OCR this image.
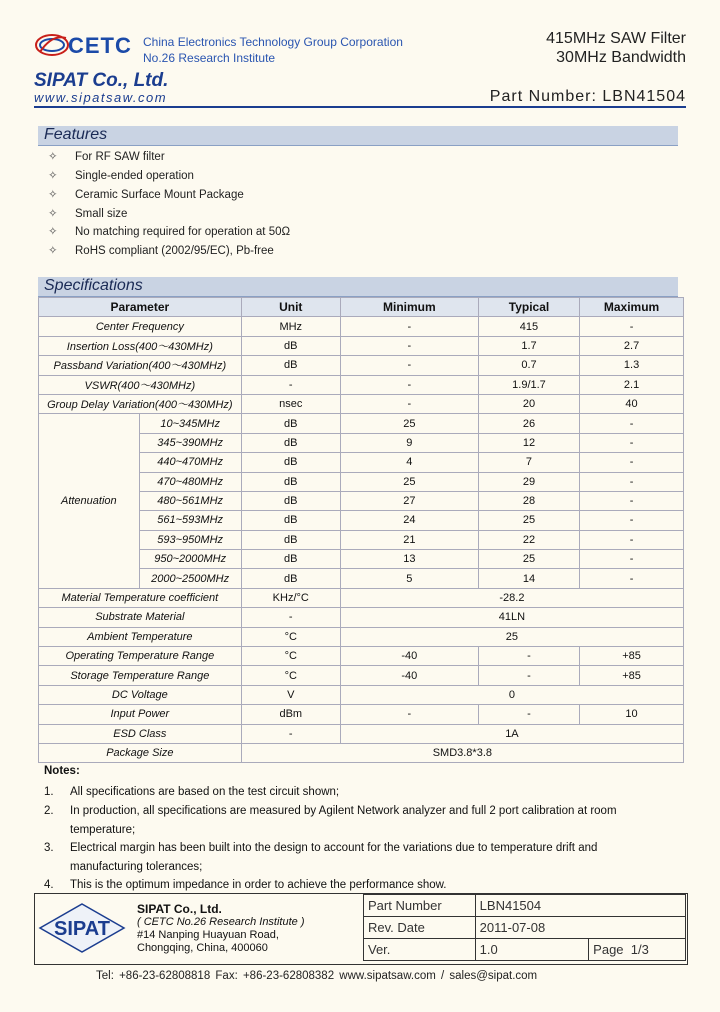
CETC China Electronics Technology Group Corporation
No.26 Research Institute
415MHz SAW Filter
30MHz Bandwidth
SIPAT Co., Ltd.
www.sipatsaw.com	Part Number: LBN41504
Features
✧ For RF SAW filter
✧ Single-ended operation
✧ Ceramic Surface Mount Package
✧ Small size
✧ No matching required for operation at 50Ω
✧ RoHS compliant (2002/95/EC), Pb-free
Specifications
Parameter		Unit	Minimum	Typical	Maximum
Center Frequency		MHz	-	415	-
Insertion Loss(400～430MHz)		dB	-	1.7	2.7
Passband Variation(400～430MHz)		dB	-	0.7	1.3
VSWR(400～430MHz)		-	-	1.9/1.7	2.1
Group Delay Variation(400～430MHz)		nsec	-	20	40
Attenuation	10~345MHz	dB	25	26	-
	345~390MHz	dB	9	12	-
	440~470MHz	dB	4	7	-
	470~480MHz	dB	25	29	-
	480~561MHz	dB	27	28	-
	561~593MHz	dB	24	25	-
	593~950MHz	dB	21	22	-
	950~2000MHz	dB	13	25	-
	2000~2500MHz	dB	5	14	-
Material Temperature coefficient		KHz/°C	-28.2		
Substrate Material		-	41LN		
Ambient Temperature		°C	25		
Operating Temperature Range		°C	-40	-	+85
Storage Temperature Range		°C	-40	-	+85
DC Voltage		V	0		
Input Power		dBm	-	-	10
ESD Class		-	1A		
Package Size		SMD3.8*3.8			
Notes:
1. All specifications are based on the test circuit shown;
2. In production, all specifications are measured by Agilent Network analyzer and full 2 port calibration at room temperature;
3. Electrical margin has been built into the design to account for the variations due to temperature drift and manufacturing tolerances;
4. This is the optimum impedance in order to achieve the performance show.
SIPAT
SIPAT Co., Ltd.
( CETC No.26 Research Institute )
#14 Nanping Huayuan Road,
Chongqing, China, 400060
Part Number	LBN41504	
Rev. Date	2011-07-08	
Ver.	1.0	Page 1/3
Tel: +86-23-62808818 Fax: +86-23-62808382 www.sipatsaw.com / sales@sipat.com
